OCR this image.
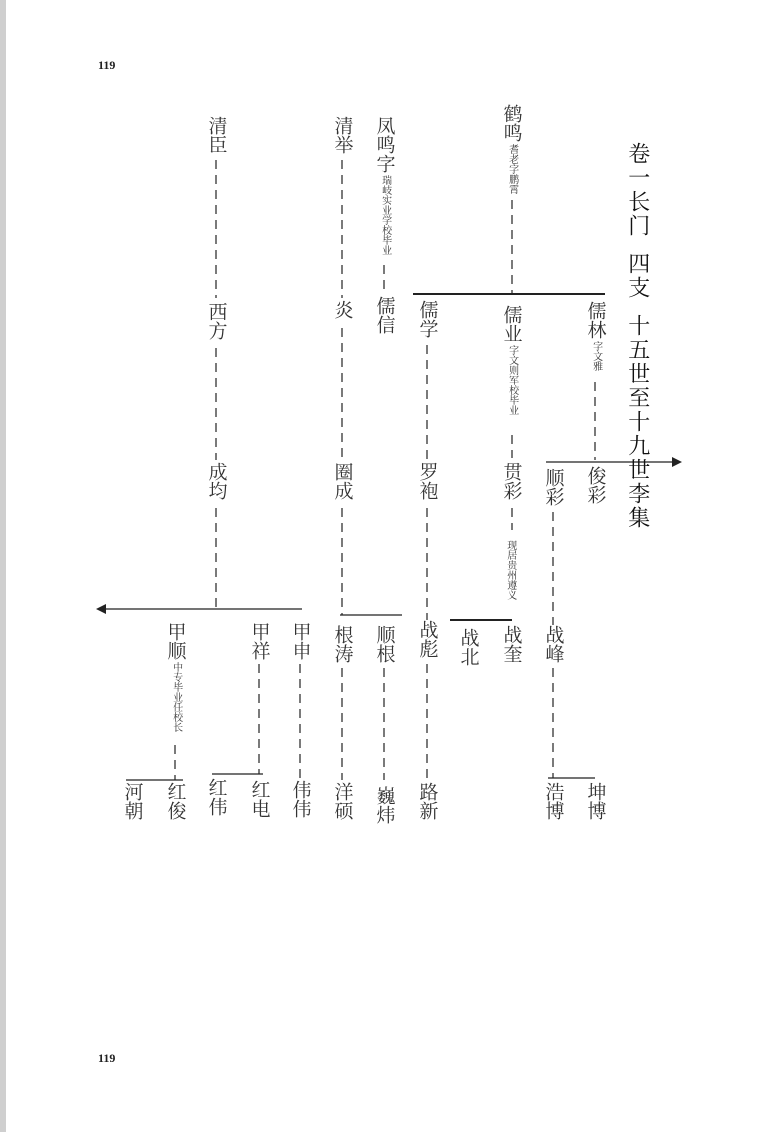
119
119
卷一长门
四支
十五世至十九世李集
鹤鸣
耆老字鹏霄
凤鸣字
瑞岐实业学校毕业
清举
清臣
儒林
字文雅
儒业
字文则军校毕业
儒学
儒信
炎
西方
俊彩
顺彩
贯彩
现居贵州遵义
罗袍
圈成
成均
战峰
战奎
战北
战彪
顺根
根涛
甲申
甲祥
甲顺
中专毕业任校长
坤博
浩博
路新
巍炜
洋硕
伟伟
红电
红伟
红俊
河朝
